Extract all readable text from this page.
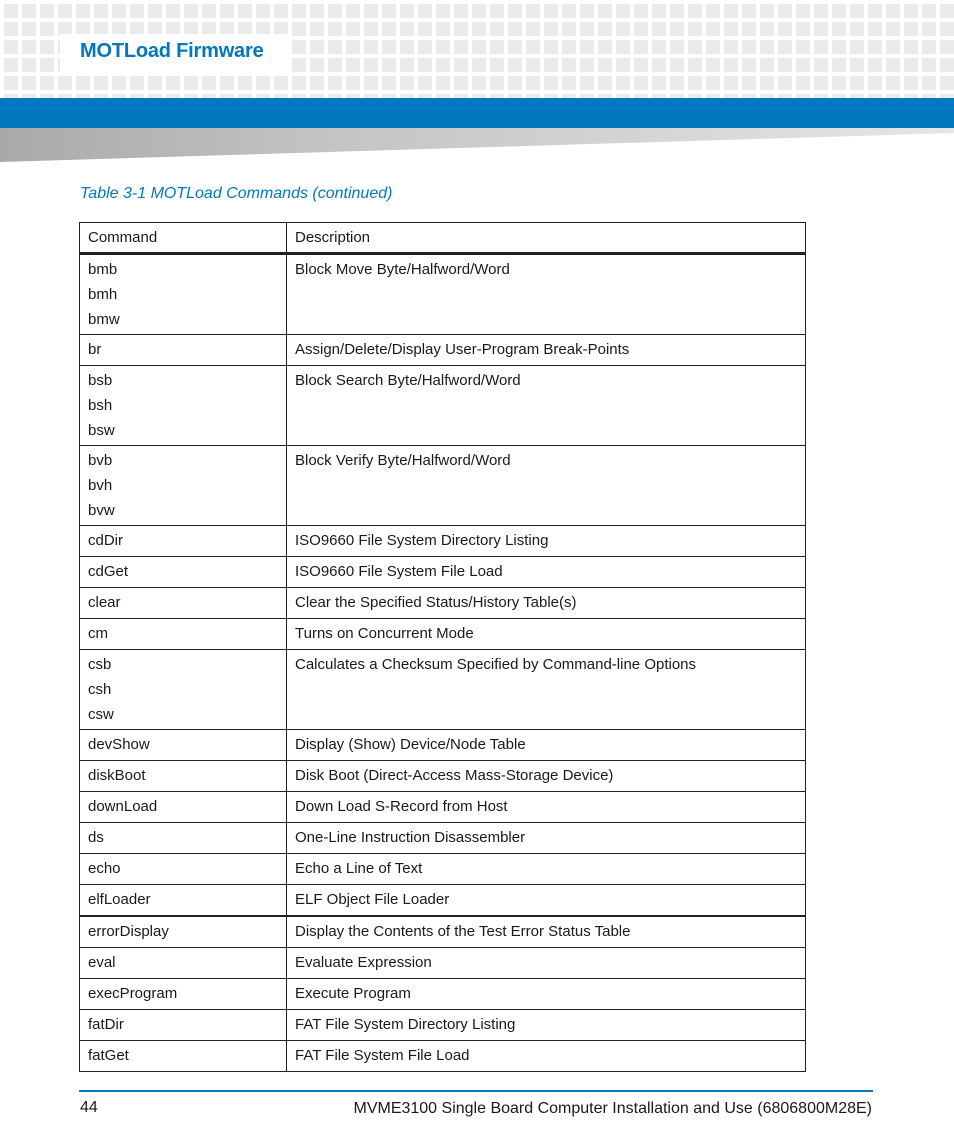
MOTLoad Firmware
Table 3-1 MOTLoad Commands (continued)
Command	Description

bmb
bmh
bmw	Block Move Byte/Halfword/Word

br	Assign/Delete/Display User-Program Break-Points

bsb
bsh
bsw	Block Search Byte/Halfword/Word

bvb
bvh
bvw	Block Verify Byte/Halfword/Word

cdDir	ISO9660 File System Directory Listing

cdGet	ISO9660 File System File Load

clear	Clear the Specified Status/History Table(s)

cm	Turns on Concurrent Mode

csb
csh
csw	Calculates a Checksum Specified by Command-line Options

devShow	Display (Show) Device/Node Table

diskBoot	Disk Boot (Direct-Access Mass-Storage Device)

downLoad	Down Load S-Record from Host

ds	One-Line Instruction Disassembler

echo	Echo a Line of Text

elfLoader	ELF Object File Loader

errorDisplay	Display the Contents of the Test Error Status Table

eval	Evaluate Expression

execProgram	Execute Program

fatDir	FAT File System Directory Listing

fatGet	FAT File System File Load
44	MVME3100 Single Board Computer Installation and Use (6806800M28E)
